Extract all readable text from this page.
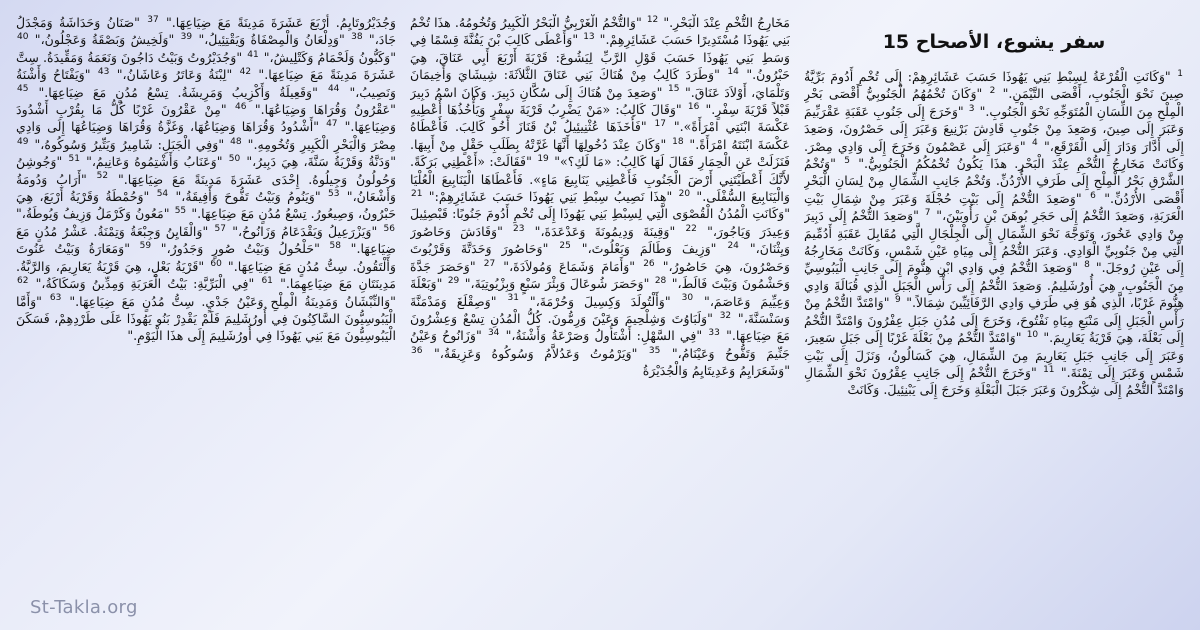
سفر يشوع، الأصحاح 15
$^1$ "وَكَانَتِ الْقُرْعَةُ لِسِبْطِ بَنِي يَهُوذَا حَسَبَ عَشَائِرِهِمْ: إِلَى تُخْمِ أَدُومَ بَرِّيَّةُ صِينَ نَحْوَ الْجَنُوبِ، أَقْصَى التَّيْمَنِ." $^2$ "وَكَانَ تُخْمُهُمُ الْجَنُوبِيُّ أَقْصَى بَحْرِ الْمِلْحِ مِنَ اللِّسَانِ الْمُتَوَجِّهِ نَحْوَ الْجَنُوبِ." $^3$ "وَخَرَجَ إِلَى جَنُوبِ عَقَبَةِ عَقْرَبِّيمَ وَعَبَرَ إِلَى صِينَ، وَصَعِدَ مِنْ جَنُوبِ قَادِشَ بَرْنِيعَ وَعَبَرَ إِلَى حَصْرُونَ، وَصَعِدَ إِلَى أَدَّارَ وَدَارَ إِلَى الْقَرْقَعِ،" $^4$ "وَعَبَرَ إِلَى عَصْمُونَ وَخَرَجَ إِلَى وَادِي مِصْرَ. وَكَانَتْ مَخَارِجُ التُّخْمِ عِنْدَ الْبَحْرِ. هذَا يَكُونُ تُخْمُكُمُ الْجَنُوبِيُّ." $^5$ "وَتُخْمُ الشَّرْقِ بَحْرُ الْمِلْحِ إِلَى طَرَفِ الأُرْدُنِّ. وَتُخْمُ جَانِبِ الشِّمَالِ مِنْ لِسَانِ الْبَحْرِ أَقْصَى الأُرْدُنِّ." $^6$ "وَصَعِدَ التُّخْمُ إِلَى بَيْتِ حُجْلَةَ وَعَبَرَ مِنْ شِمَالِ بَيْتِ الْعَرَبَةِ، وَصَعِدَ التُّخْمُ إِلَى حَجَرِ بُوهَنَ بْنِ رَأُوبَيْنَ،" $^7$ "وَصَعِدَ التُّخْمُ إِلَى دَبِيرَ مِنْ وَادِي عَخُورَ، وَتَوَجَّهَ نَحْوَ الشِّمَالِ إِلَى الْجِلْجَالِ الَّتِي مُقَابِلَ عَقَبَةِ أَدُمِّيمَ الَّتِي مِنْ جَنُوبِيِّ الْوَادِي. وَعَبَرَ التُّخْمُ إِلَى مِيَاهِ عَيْنِ شَمْسٍ، وَكَانَتْ مَخَارِجُهُ إِلَى عَيْنِ رُوجَلَ." $^8$ "وَصَعِدَ التُّخْمُ فِي وَادِي ابْنِ هِنُّومَ إِلَى جَانِبِ الْيَبُوسِيِّ مِنَ الْجَنُوبِ، هِيَ أُورُشَلِيمُ. وَصَعِدَ التُّخْمُ إِلَى رَأْسِ الْجَبَلِ الَّذِي قُبَالَةَ وَادِي هِنُّومَ غَرْبًا، الَّذِي هُوَ فِي طَرَفِ وَادِي الرَّفَائِيِّينَ شِمَالاً." $^9$ "وَامْتَدَّ التُّخْمُ مِنْ رَأْسِ الْجَبَلِ إِلَى مَنْبَعِ مِيَاهِ نَفْتُوحَ، وَخَرَجَ إِلَى مُدُنِ جَبَلِ عِفْرُونَ وَامْتَدَّ التُّخْمُ إِلَى بَعْلَةَ، هِيَ قَرْيَةُ يَعَارِيمَ." $^{10}$ "وَامْتَدَّ التُّخْمُ مِنْ بَعْلَةَ غَرْبًا إِلَى جَبَلِ سَعِيرَ، وَعَبَرَ إِلَى جَانِبِ جَبَلِ يَعَارِيمَ مِنَ الشِّمَالِ، هِيَ كَسَالُونُ، وَنَزَلَ إِلَى بَيْتِ شَمْسٍ وَعَبَرَ إِلَى تِمْنَةَ." $^{11}$ "وَخَرَجَ التُّخْمُ إِلَى جَانِبِ عِقْرُونَ نَحْوَ الشِّمَالِ وَامْتَدَّ التُّخْمُ إِلَى شِكْرُونَ وَعَبَرَ جَبَلَ الْبَعْلَةِ وَخَرَجَ إِلَى يَبْنِئِيلَ. وَكَانَتْ
مَخَارِجُ التُّخْمِ عِنْدَ الْبَحْرِ." $^{12}$ "وَالتُّخْمُ الْغَرْبِيُّ الْبَحْرُ الْكَبِيرُ وَتُخُومُهُ. هذَا تُخْمُ بَنِي يَهُوذَا مُسْتَدِيرًا حَسَبَ عَشَائِرِهِمْ." $^{13}$ "وَأَعْطَى كَالِبَ بْنَ يَفُنَّةَ قِسْمًا فِي وَسَطِ بَنِي يَهُوذَا حَسَبَ قَوْلِ الرَّبِّ لِيَشُوعَ: قَرْيَةَ أَرْبَعَ أَبِي عَنَاقَ، هِيَ حَبْرُونُ." $^{14}$ "وَطَرَدَ كَالِبُ مِنْ هُنَاكَ بَنِي عَنَاقَ الثَّلاَثَةَ: شِيشَايَ وَأَخِيمَانَ وَتَلْمَايَ، أَوْلاَدَ عَنَاقَ." $^{15}$ "وَصَعِدَ مِنْ هُنَاكَ إِلَى سُكَّانِ دَبِيرَ. وَكَانَ اسْمُ دَبِيرَ قَبْلاً قَرْيَةَ سِفْرٍ." $^{16}$ "وَقَالَ كَالِبُ: «مَنْ يَضْرِبُ قَرْيَةَ سِفْرٍ وَيَأْخُذُهَا أُعْطِيهِ عَكْسَةَ ابْنَتِي امْرَأَةً»." $^{17}$ "فَأَخَذَهَا عُثْنِيئِيلُ بْنُ قَنَازَ أَخُو كَالِبَ. فَأَعْطَاهُ عَكْسَةَ ابْنَتَهُ امْرَأَةً." $^{18}$ "وَكَانَ عِنْدَ دُخُولِهَا أَنَّهَا غَرَّتْهُ بِطَلَبِ حَقْلٍ مِنْ أَبِيهَا. فَنَزَلَتْ عَنِ الْحِمَارِ فَقَالَ لَهَا كَالِبُ: «مَا لَكِ؟»" $^{19}$ "فَقَالَتْ: «أَعْطِنِي بَرَكَةً. لأَنَّكَ أَعْطَيْتَنِي أَرْضَ الْجَنُوبِ فَأَعْطِنِي يَنَابِيعَ مَاءٍ». فَأَعْطَاهَا الْيَنَابِيعَ الْعُلْيَا وَالْيَنَابِيعَ السُّفْلَى." $^{20}$ "هذَا نَصِيبُ سِبْطِ بَنِي يَهُوذَا حَسَبَ عَشَائِرِهِمْ:" $^{21}$ "وَكَانَتِ الْمُدُنُ الْقُصْوَى الَّتِي لِسِبْطِ بَنِي يَهُوذَا إِلَى تُخْمِ أَدُومَ جَنُوبًا: قَبْصِئِيلَ وَعِيدَرَ وَيَاجُورَ،" $^{22}$ "وَقِينَةَ وَدِيمُونَةَ وَعَدْعَدَةَ،" $^{23}$ "وَقَادَشَ وَحَاصُورَ وَيِثْنَانَ،" $^{24}$ "وَزِيفَ وَطَالَمَ وَبَعْلُوتَ،" $^{25}$ "وَحَاصُورَ وَحَدَتَّةَ وَقَرْيُوتَ وَحَصْرُونَ، هِيَ حَاصُورُ،" $^{26}$ "وَأَمَامَ وَشَمَاعَ وَمُولاَدَةَ،" $^{27}$ "وَحَصَرَ جَدَّةَ وَحَشْمُونَ وَبَيْتَ فَالَطَ،" $^{28}$ "وَحَصَرَ شُوعَالَ وَبِئْرَ سَبْعٍ وَبِزْيُوتِيَةَ،" $^{29}$ "وَبَعْلَةَ وَعِيِّيمَ وَعَاصَمَ،" $^{30}$ "وَأَلْتُولَدَ وَكِسِيلَ وَحُرْمَةَ،" $^{31}$ "وَصِقْلَغَ وَمَدْمَنَّةَ وَسَنْسَنَّةَ،" $^{32}$ "وَلَبَاوُتَ وَشِلْحِيمَ وَعَيْنَ وَرِمُّونَ. كُلُّ الْمُدُنِ تِسْعٌ وَعِشْرُونَ مَعَ ضِيَاعِهَا." $^{33}$ "فِي السَّهْلِ: أَشْتَأُولُ وَصَرْعَةُ وَأَشْنَةُ،" $^{34}$ "وَزَانُوحُ وَعَيْنُ جَنِّيمَ وَتَفُّوحُ وَعَيْنَامُ،" $^{35}$ "وَيَرْمُوتُ وَعَدُلاَّمُ وَسُوكُوهُ وَعَزِيقَةُ،" $^{36}$ "وَشَعَرَايِمُ وَعَدِيتَايِمُ وَالْجُدَيْرَةُ
وَجُدَيْرُوتَايِمُ. أَرْبَعَ عَشَرَةَ مَدِينَةً مَعَ ضِيَاعِهَا." $^{37}$ "صَنَانُ وَحَدَاشَةُ وَمَجْدَلُ جَادَ،" $^{38}$ "وَدِلْعَانُ وَالْمِصْفَاةُ وَيَقْتِئِيلُ،" $^{39}$ "وَلَخِيشُ وَبَصْقَةُ وَعَجْلُونُ،" $^{40}$ "وَكَبُّونُ وَلَحْمَامُ وَكَتْلِيشُ،" $^{41}$ "وَجُدَيْرُوتُ وَبَيْتُ دَاجُونَ وَنَعَمَةُ وَمَقِّيدَةُ. سِتَّ عَشَرَةَ مَدِينَةً مَعَ ضِيَاعِهَا." $^{42}$ "لِبْنَةُ وَعَاتَرُ وَعَاشَانُ،" $^{43}$ "وَيَفْتَاحُ وَأَشْنَةُ وَنَصِيبُ،" $^{44}$ "وَقَعِيلَةُ وَأَكْزِيبُ وَمَرِيشَةُ. تِسْعُ مُدُنٍ مَعَ ضِيَاعِهَا." $^{45}$ "عَقْرُونُ وَقُرَاهَا وَضِيَاعُهَا." $^{46}$ "مِنْ عَقْرُونَ غَرْبًا كُلُّ مَا بِقُرْبِ أَشْدُودَ وَضِيَاعِهَا." $^{47}$ "أَشْدُودُ وَقُرَاهَا وَضِيَاعُهَا، وَغَزَّةُ وَقُرَاهَا وَضِيَاعُهَا إِلَى وَادِي مِصْرَ وَالْبَحْرِ الْكَبِيرِ وَتُخُومِهِ." $^{48}$ "وَفِي الْجَبَلِ: شَامِيرُ وَيَتِّيرُ وَسُوكُوهُ،" $^{49}$ "وَدَنَّةُ وَقَرْيَةُ سَنَّةَ، هِيَ دَبِيرُ،" $^{50}$ "وَعَنَابُ وَأَشْتِمُوهُ وَعَانِيمُ،" $^{51}$ "وَجُوشِنُ وَحُولُونُ وَجِيلُوهُ. إِحْدَى عَشَرَةَ مَدِينَةً مَعَ ضِيَاعِهَا." $^{52}$ "أَرَابُ وَدُومَةُ وَأَشْعَانُ،" $^{53}$ "وَيَنُومُ وَبَيْتُ تَفُّوحَ وَأَفِيقَةُ،" $^{54}$ "وَحُمْطَةُ وَقَرْيَةُ أَرْبَعَ، هِيَ حَبْرُونُ، وَصِيعُورُ. تِسْعُ مُدُنٍ مَعَ ضِيَاعِهَا." $^{55}$ "مَعُونُ وَكَرْمَلُ وَزِيفُ وَيُوطَةُ،" $^{56}$ "وَيَزْرَعِيلُ وَيَقْدَعَامُ وَزَانُوحُ،" $^{57}$ "وَالْقَايِنُ وَجِبْعَةُ وَتِمْنَةُ. عَشْرُ مُدُنٍ مَعَ ضِيَاعِهَا." $^{58}$ "حَلْحُولُ وَبَيْتُ صُورٍ وَجَدُورُ،" $^{59}$ "وَمَعَارَةُ وَبَيْتُ عَنُوتَ وَأَلْتَقُونُ. سِتُّ مُدُنٍ مَعَ ضِيَاعِهَا." $^{60}$ "قَرْيَةُ بَعْلٍ، هِيَ قَرْيَةُ يَعَارِيمَ، وَالرَّبَّةُ. مَدِينَتَانِ مَعَ ضِيَاعِهِمَا." $^{61}$ "فِي الْبَرِّيَّةِ: بَيْتُ الْعَرَبَةِ وَمِدِّينُ وَسَكَاكَةُ،" $^{62}$ "وَالنِّبْشَانُ وَمَدِينَةُ الْمِلْحِ وَعَيْنُ جَدْيٍ. سِتُّ مُدُنٍ مَعَ ضِيَاعِهَا." $^{63}$ "وَأَمَّا الْيَبُوسِيُّونَ السَّاكِنُونَ فِي أُورُشَلِيمَ فَلَمْ يَقْدِرْ بَنُو يَهُوذَا عَلَى طَرْدِهِمْ، فَسَكَنَ الْيَبُوسِيُّونَ مَعَ بَنِي يَهُوذَا فِي أُورُشَلِيمَ إِلَى هذَا الْيَوْمِ."
St-Takla.org
